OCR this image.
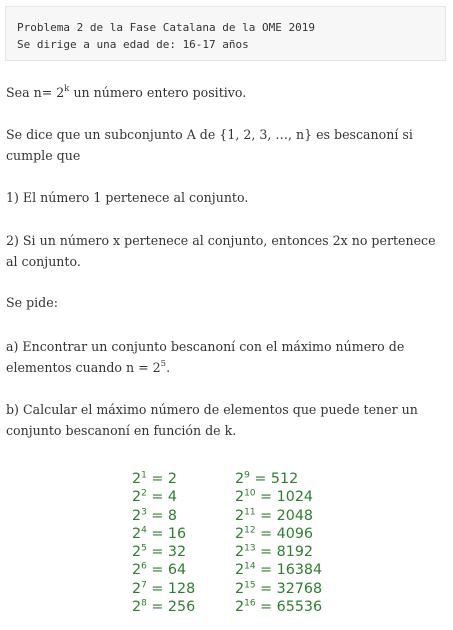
Problema 2 de la Fase Catalana de la OME 2019
Se dirige a una edad de: 16-17 años
Sea $n= 2^k$ un número entero positivo.
Se dice que un subconjunto A de {1, 2, 3, …, n} es bescanoní si cumple que
1) El número 1 pertenece al conjunto.
2) Si un número x pertenece al conjunto, entonces 2x no pertenece al conjunto.
Se pide:
a) Encontrar un conjunto bescanoní con el máximo número de elementos cuando $n = 2^5$.
b) Calcular el máximo número de elementos que puede tener un conjunto bescanoní en función de k.
$2^1 = 2$
$2^2 = 4$
$2^3 = 8$
$2^4 = 16$
$2^5 = 32$
$2^6 = 64$
$2^7 = 128$
$2^8 = 256$
$2^9 = 512$
$2^{10} = 1024$
$2^{11} = 2048$
$2^{12} = 4096$
$2^{13} = 8192$
$2^{14} = 16384$
$2^{15} = 32768$
$2^{16} = 65536$
